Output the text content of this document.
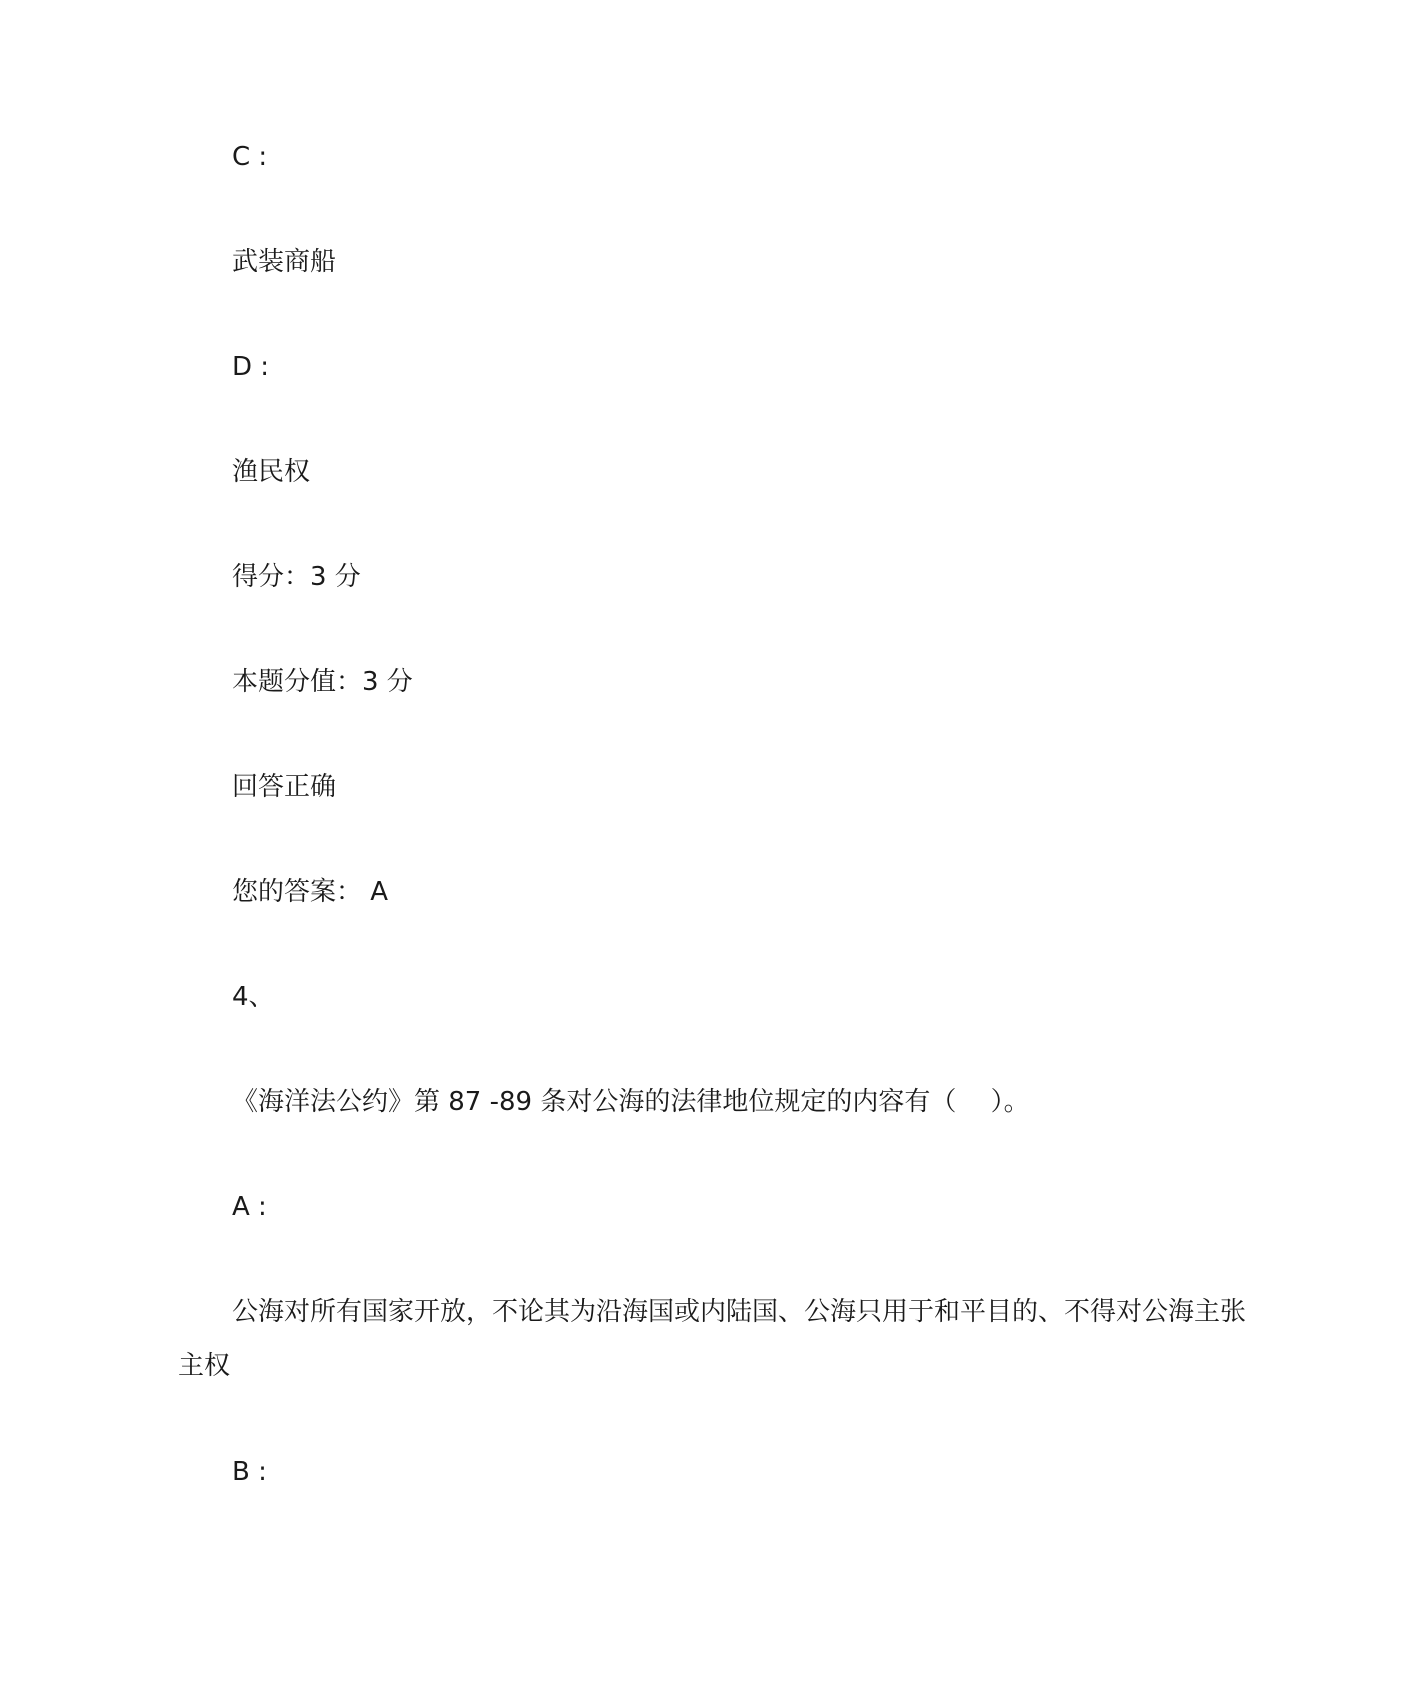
C :
武装商船
D :
渔民权
得分：3 分
本题分值：3 分
回答正确
您的答案： A
4、
《海洋法公约》第 87 -89 条对公海的法律地位规定的内容有（　 ）。
A :
公海对所有国家开放，不论其为沿海国或内陆国、公海只用于和平目的、不得对公海主张主权
B :
